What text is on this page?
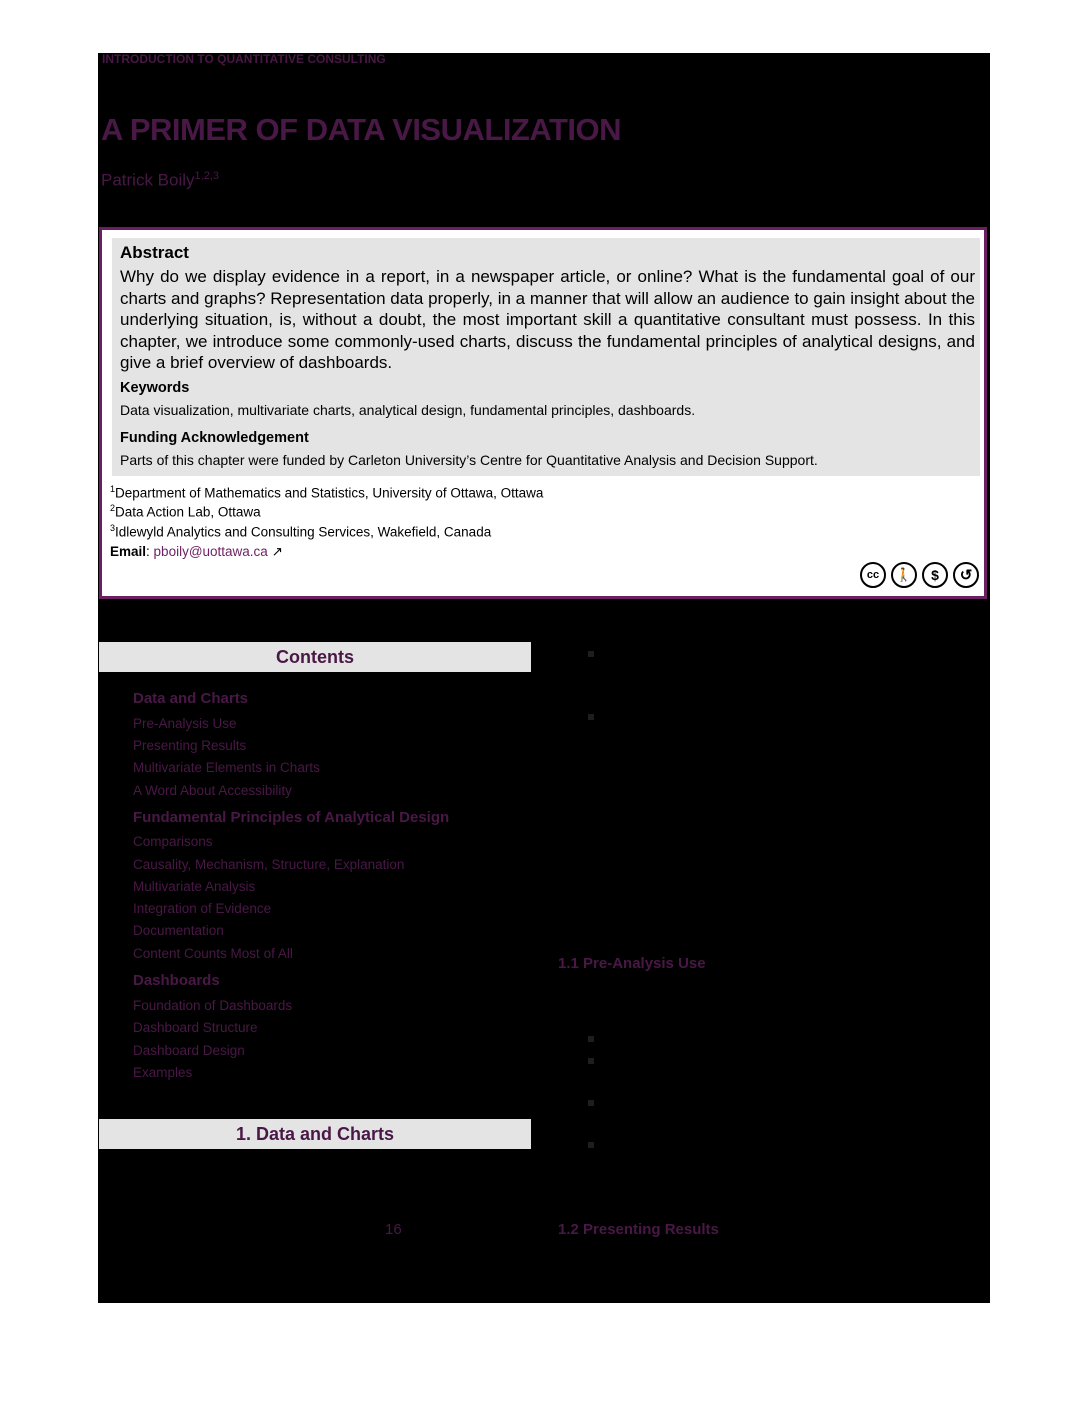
INTRODUCTION TO QUANTITATIVE CONSULTING
A PRIMER OF DATA VISUALIZATION
Patrick Boily$^{1,2,3}$
Abstract
Why do we display evidence in a report, in a newspaper article, or online? What is the fundamental goal of our charts and graphs? Representation data properly, in a manner that will allow an audience to gain insight about the underlying situation, is, without a doubt, the most important skill a quantitative consultant must possess. In this chapter, we introduce some commonly-used charts, discuss the fundamental principles of analytical designs, and give a brief overview of dashboards.
Keywords
Data visualization, multivariate charts, analytical design, fundamental principles, dashboards.
Funding Acknowledgement
Parts of this chapter were funded by Carleton University’s Centre for Quantitative Analysis and Decision Support.
$^1$Department of Mathematics and Statistics, University of Ottawa, Ottawa
$^2$Data Action Lab, Ottawa
$^3$Idlewyld Analytics and Consulting Services, Wakefield, Canada
Email: pboily@uottawa.ca ↗
cc	🚶	$	↺
Contents
Data and Charts
Pre-Analysis Use
Presenting Results
Multivariate Elements in Charts
A Word About Accessibility
Fundamental Principles of Analytical Design
Comparisons
Causality, Mechanism, Structure, Explanation
Multivariate Analysis
Integration of Evidence
Documentation
Content Counts Most of All
Dashboards
Foundation of Dashboards
Dashboard Structure
Dashboard Design
Examples
1. Data and Charts
1.1 Pre-Analysis Use
1.2 Presenting Results
16
